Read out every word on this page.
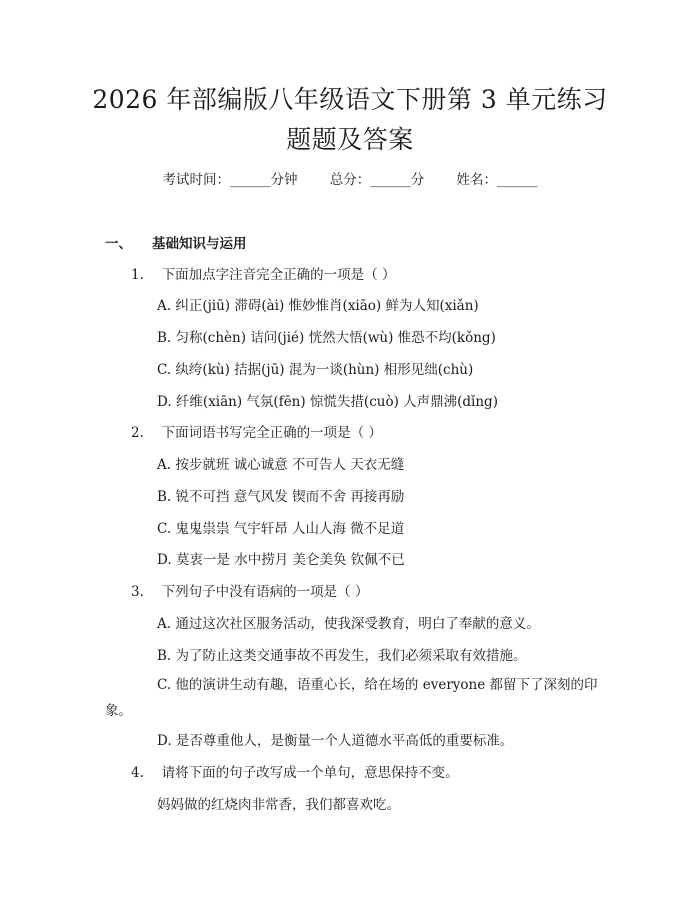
2026 年部编版八年级语文下册第 3 单元练习
题题及答案
考试时间：______分钟 总分：______分 姓名：______
一、 基础知识与运用
1.　 下面加点字注音完全正确的一项是（ ）
A. 纠正(jiū) 滞碍(ài) 惟妙惟肖(xiāo) 鲜为人知(xiǎn)
B. 匀称(chèn) 诘问(jié) 恍然大悟(wù) 惟恐不均(kǒng)
C. 纨绔(kù) 拮据(jū) 混为一谈(hùn) 相形见绌(chù)
D. 纤维(xiān) 气氛(fēn) 惊慌失措(cuò) 人声鼎沸(dǐng)
2.　 下面词语书写完全正确的一项是（ ）
A. 按步就班 诚心诚意 不可告人 天衣无缝
B. 锐不可挡 意气风发 锲而不舍 再接再励
C. 鬼鬼祟祟 气宇轩昂 人山人海 微不足道
D. 莫衷一是 水中捞月 美仑美奂 钦佩不已
3.　 下列句子中没有语病的一项是（ ）
A. 通过这次社区服务活动，使我深受教育，明白了奉献的意义。
B. 为了防止这类交通事故不再发生，我们必须采取有效措施。
C. 他的演讲生动有趣，语重心长，给在场的 everyone 都留下了深刻的印象。
D. 是否尊重他人，是衡量一个人道德水平高低的重要标准。
4.　 请将下面的句子改写成一个单句，意思保持不变。
妈妈做的红烧肉非常香，我们都喜欢吃。
